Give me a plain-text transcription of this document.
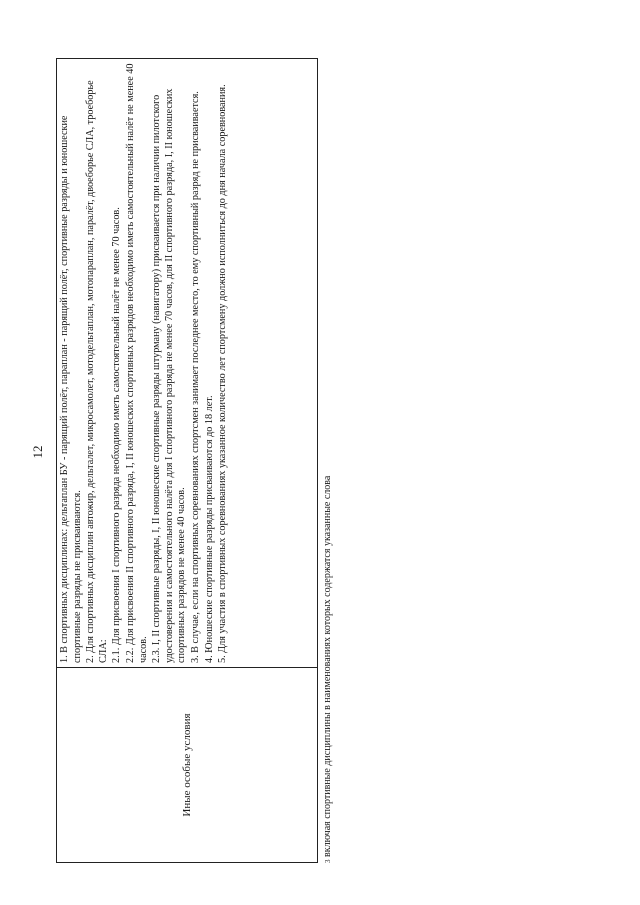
12
Иные особые условия

1. В спортивных дисциплинах: дельтаплан БУ - парящий полёт, параплан - парящий полёт, спортивные разряды и юношеские спортивные разряды не присваиваются. 2. Для спортивных дисциплин автожир, дельталет, микросамолет, мотодельтаплан, мотопараплан, паралёт, двоеборье СЛА, троеборье СЛА: 2.1. Для присвоения I спортивного разряда необходимо иметь самостоятельный налёт не менее 70 часов. 2.2. Для присвоения II спортивного разряда, I, II юношеских спортивных разрядов необходимо иметь самостоятельный налёт не менее 40 часов. 2.3. I, II спортивные разряды, I, II юношеские спортивные разряды штурману (навигатору) присваивается при наличии пилотского удостоверения и самостоятельного налёта для I спортивного разряда не менее 70 часов, для II спортивного разряда, I, II юношеских спортивных разрядов не менее 40 часов. 3. В случае, если на спортивных соревнованиях спортсмен занимает последнее место, то ему спортивный разряд не присваивается. 4. Юношеские спортивные разряды присваиваются до 18 лет. 5. Для участия в спортивных соревнованиях указанное количество лет спортсмену должно исполниться до дня начала соревнования.

$^3$ включая спортивные дисциплины в наименованиях которых содержатся указанные слова
